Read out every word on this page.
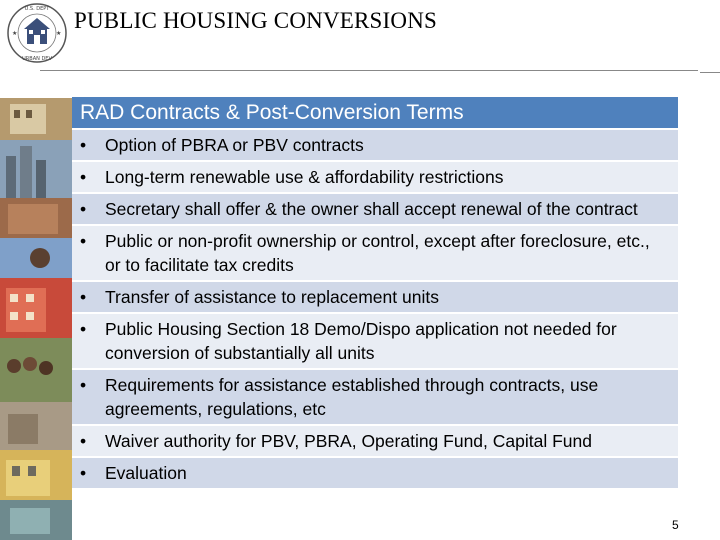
U.S. DEPT
URBAN DEV
★	★
PUBLIC HOUSING CONVERSIONS
RAD Contracts & Post-Conversion Terms
•	Option of PBRA or PBV contracts
•	Long-term renewable use & affordability restrictions
•	Secretary shall offer & the owner shall accept renewal of the contract
•	Public or non-profit ownership or control, except after foreclosure, etc., or to facilitate tax credits
•	Transfer of assistance to replacement units
•	Public Housing Section 18 Demo/Dispo application not needed for conversion of substantially all units
•	Requirements for assistance established through contracts, use agreements, regulations, etc
•	Waiver authority for PBV, PBRA, Operating Fund, Capital Fund
•	Evaluation
5
